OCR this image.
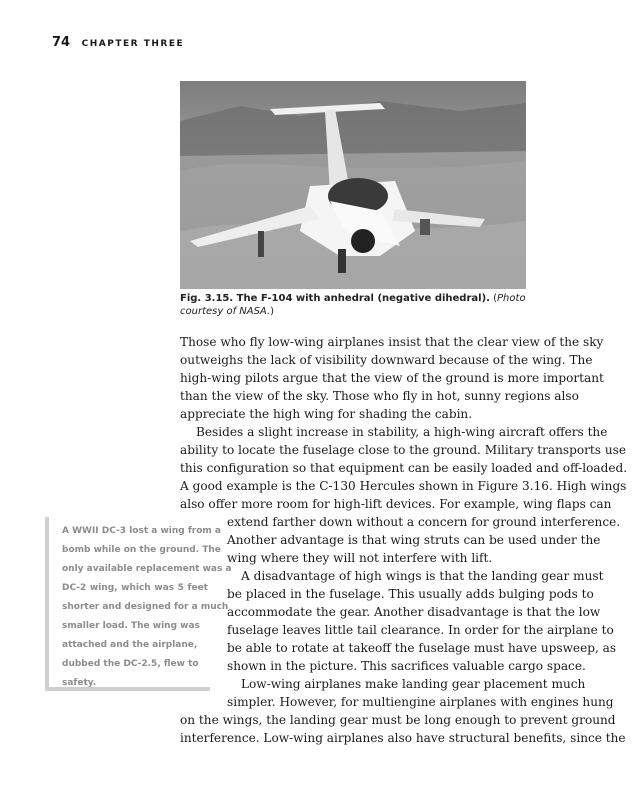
74 CHAPTER THREE
Fig. 3.15. The F-104 with anhedral (negative dihedral). (Photo courtesy of NASA.)
Those who fly low-wing airplanes insist that the clear view of the sky
outweighs the lack of visibility downward because of the wing. The
high-wing pilots argue that the view of the ground is more important
than the view of the sky. Those who fly in hot, sunny regions also
appreciate the high wing for shading the cabin.
Besides a slight increase in stability, a high-wing aircraft offers the
ability to locate the fuselage close to the ground. Military transports use
this configuration so that equipment can be easily loaded and off-loaded.
A good example is the C-130 Hercules shown in Figure 3.16. High wings
also offer more room for high-lift devices. For example, wing flaps can
extend farther down without a concern for ground interference.
Another advantage is that wing struts can be used under the
wing where they will not interfere with lift.
A disadvantage of high wings is that the landing gear must
be placed in the fuselage. This usually adds bulging pods to
accommodate the gear. Another disadvantage is that the low
fuselage leaves little tail clearance. In order for the airplane to
be able to rotate at takeoff the fuselage must have upsweep, as
shown in the picture. This sacrifices valuable cargo space.
Low-wing airplanes make landing gear placement much
simpler. However, for multiengine airplanes with engines hung
on the wings, the landing gear must be long enough to prevent ground
interference. Low-wing airplanes also have structural benefits, since the
A WWII DC-3 lost a wing from a
bomb while on the ground. The
only available replacement was a
DC-2 wing, which was 5 feet
shorter and designed for a much
smaller load. The wing was
attached and the airplane,
dubbed the DC-2.5, flew to
safety.
